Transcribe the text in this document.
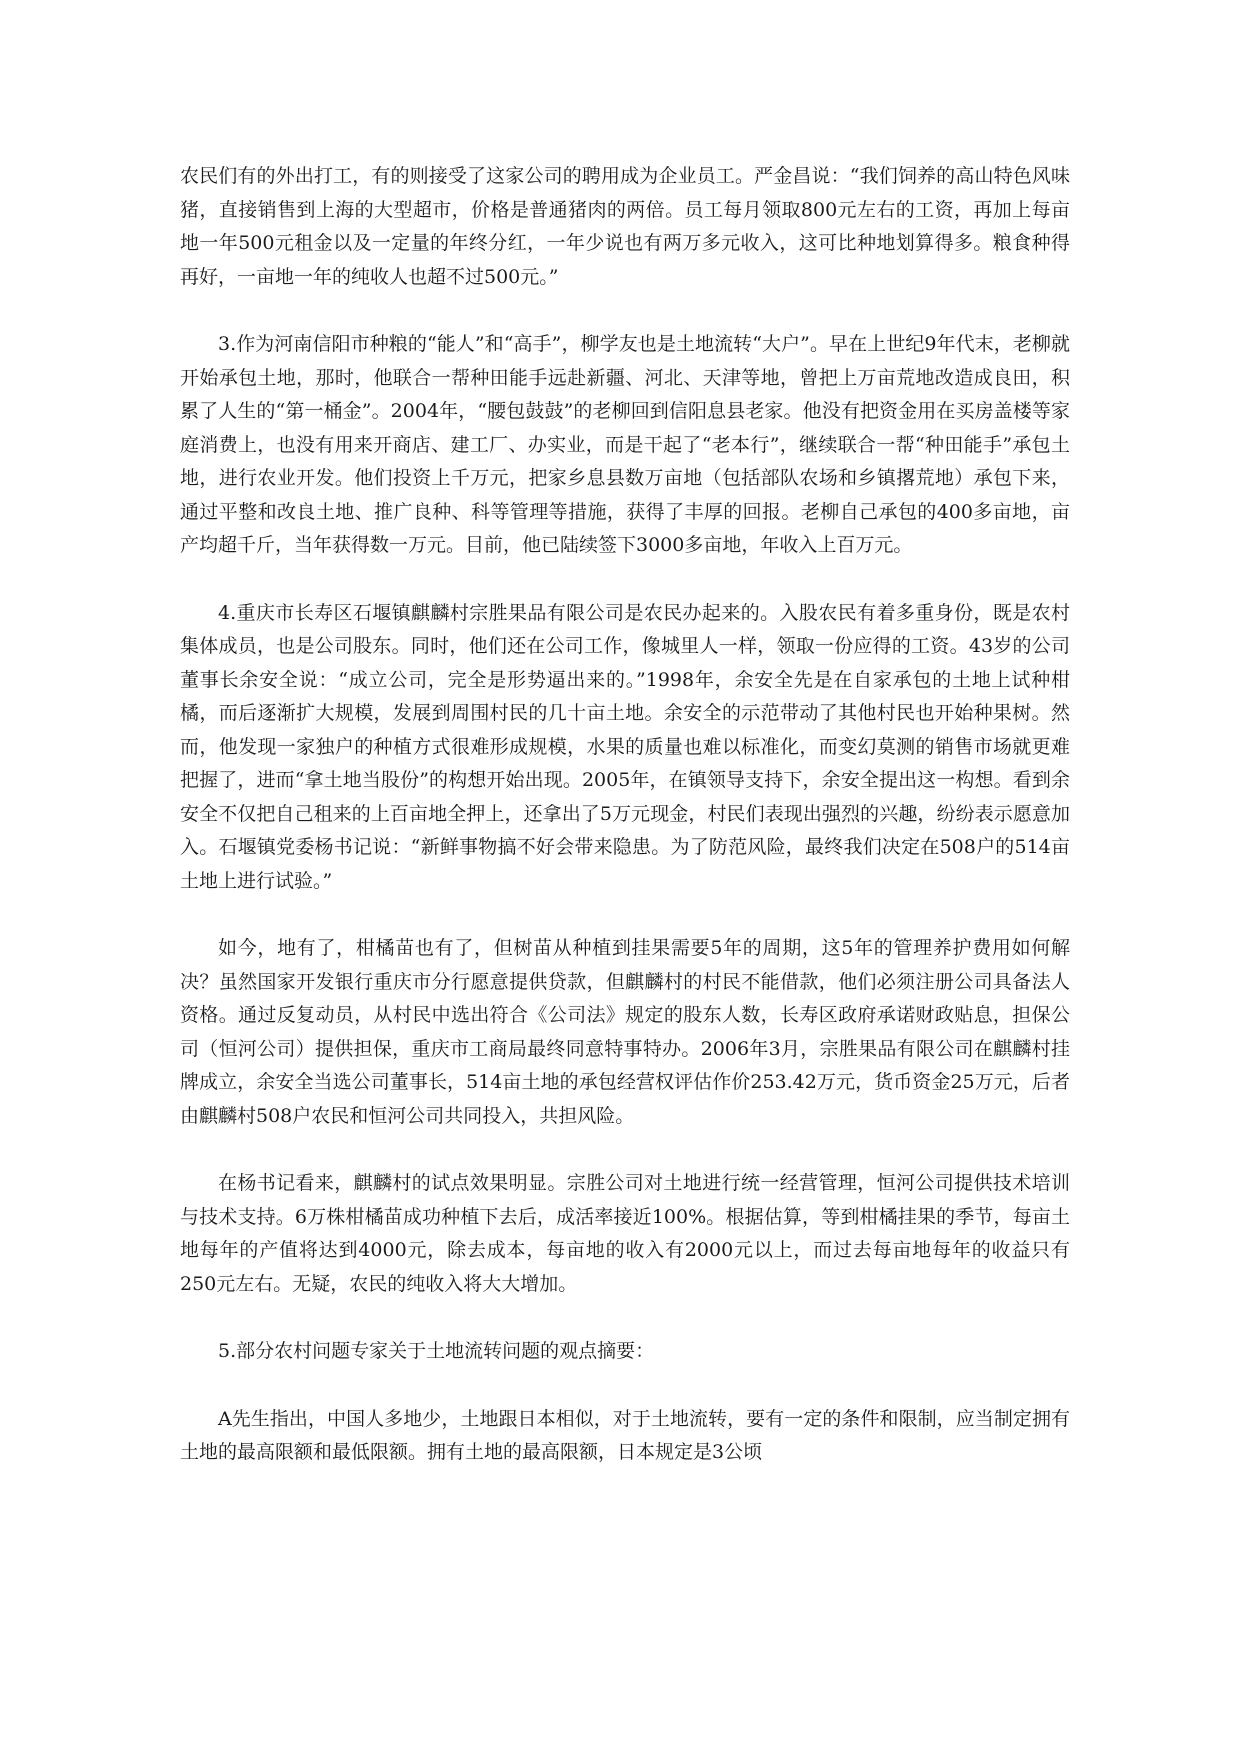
农民们有的外出打工，有的则接受了这家公司的聘用成为企业员工。严金昌说：“我们饲养的高山特色风味猪，直接销售到上海的大型超市，价格是普通猪肉的两倍。员工每月领取800元左右的工资，再加上每亩地一年500元租金以及一定量的年终分红，一年少说也有两万多元收入，这可比种地划算得多。粮食种得再好，一亩地一年的纯收人也超不过500元。”

3.作为河南信阳市种粮的“能人”和“高手”，柳学友也是土地流转“大户”。早在上世纪9年代末，老柳就开始承包土地，那时，他联合一帮种田能手远赴新疆、河北、天津等地，曾把上万亩荒地改造成良田，积累了人生的“第一桶金”。2004年，“腰包鼓鼓”的老柳回到信阳息县老家。他没有把资金用在买房盖楼等家庭消费上，也没有用来开商店、建工厂、办实业，而是干起了“老本行”，继续联合一帮“种田能手”承包土地，进行农业开发。他们投资上千万元，把家乡息县数万亩地（包括部队农场和乡镇撂荒地）承包下来，通过平整和改良土地、推广良种、科等管理等措施，获得了丰厚的回报。老柳自己承包的400多亩地，亩产均超千斤，当年获得数一万元。目前，他已陆续签下3000多亩地，年收入上百万元。

4.重庆市长寿区石堰镇麒麟村宗胜果品有限公司是农民办起来的。入股农民有着多重身份，既是农村集体成员，也是公司股东。同时，他们还在公司工作，像城里人一样，领取一份应得的工资。43岁的公司董事长余安全说：“成立公司，完全是形势逼出来的。”1998年，余安全先是在自家承包的土地上试种柑橘，而后逐渐扩大规模，发展到周围村民的几十亩土地。余安全的示范带动了其他村民也开始种果树。然而，他发现一家独户的种植方式很难形成规模，水果的质量也难以标准化，而变幻莫测的销售市场就更难把握了，进而“拿土地当股份”的构想开始出现。2005年，在镇领导支持下，余安全提出这一构想。看到余安全不仅把自己租来的上百亩地全押上，还拿出了5万元现金，村民们表现出强烈的兴趣，纷纷表示愿意加入。石堰镇党委杨书记说：“新鲜事物搞不好会带来隐患。为了防范风险，最终我们决定在508户的514亩土地上进行试验。”

如今，地有了，柑橘苗也有了，但树苗从种植到挂果需要5年的周期，这5年的管理养护费用如何解决？虽然国家开发银行重庆市分行愿意提供贷款，但麒麟村的村民不能借款，他们必须注册公司具备法人资格。通过反复动员，从村民中选出符合《公司法》规定的股东人数，长寿区政府承诺财政贴息，担保公司（恒河公司）提供担保，重庆市工商局最终同意特事特办。2006年3月，宗胜果品有限公司在麒麟村挂牌成立，余安全当选公司董事长，514亩土地的承包经营权评估作价253.42万元，货币资金25万元，后者由麒麟村508户农民和恒河公司共同投入，共担风险。

在杨书记看来，麒麟村的试点效果明显。宗胜公司对土地进行统一经营管理，恒河公司提供技术培训与技术支持。6万株柑橘苗成功种植下去后，成活率接近100%。根据估算，等到柑橘挂果的季节，每亩土地每年的产值将达到4000元，除去成本，每亩地的收入有2000元以上，而过去每亩地每年的收益只有250元左右。无疑，农民的纯收入将大大增加。

5.部分农村问题专家关于土地流转问题的观点摘要：

A先生指出，中国人多地少，土地跟日本相似，对于土地流转，要有一定的条件和限制，应当制定拥有土地的最高限额和最低限额。拥有土地的最高限额，日本规定是3公顷
